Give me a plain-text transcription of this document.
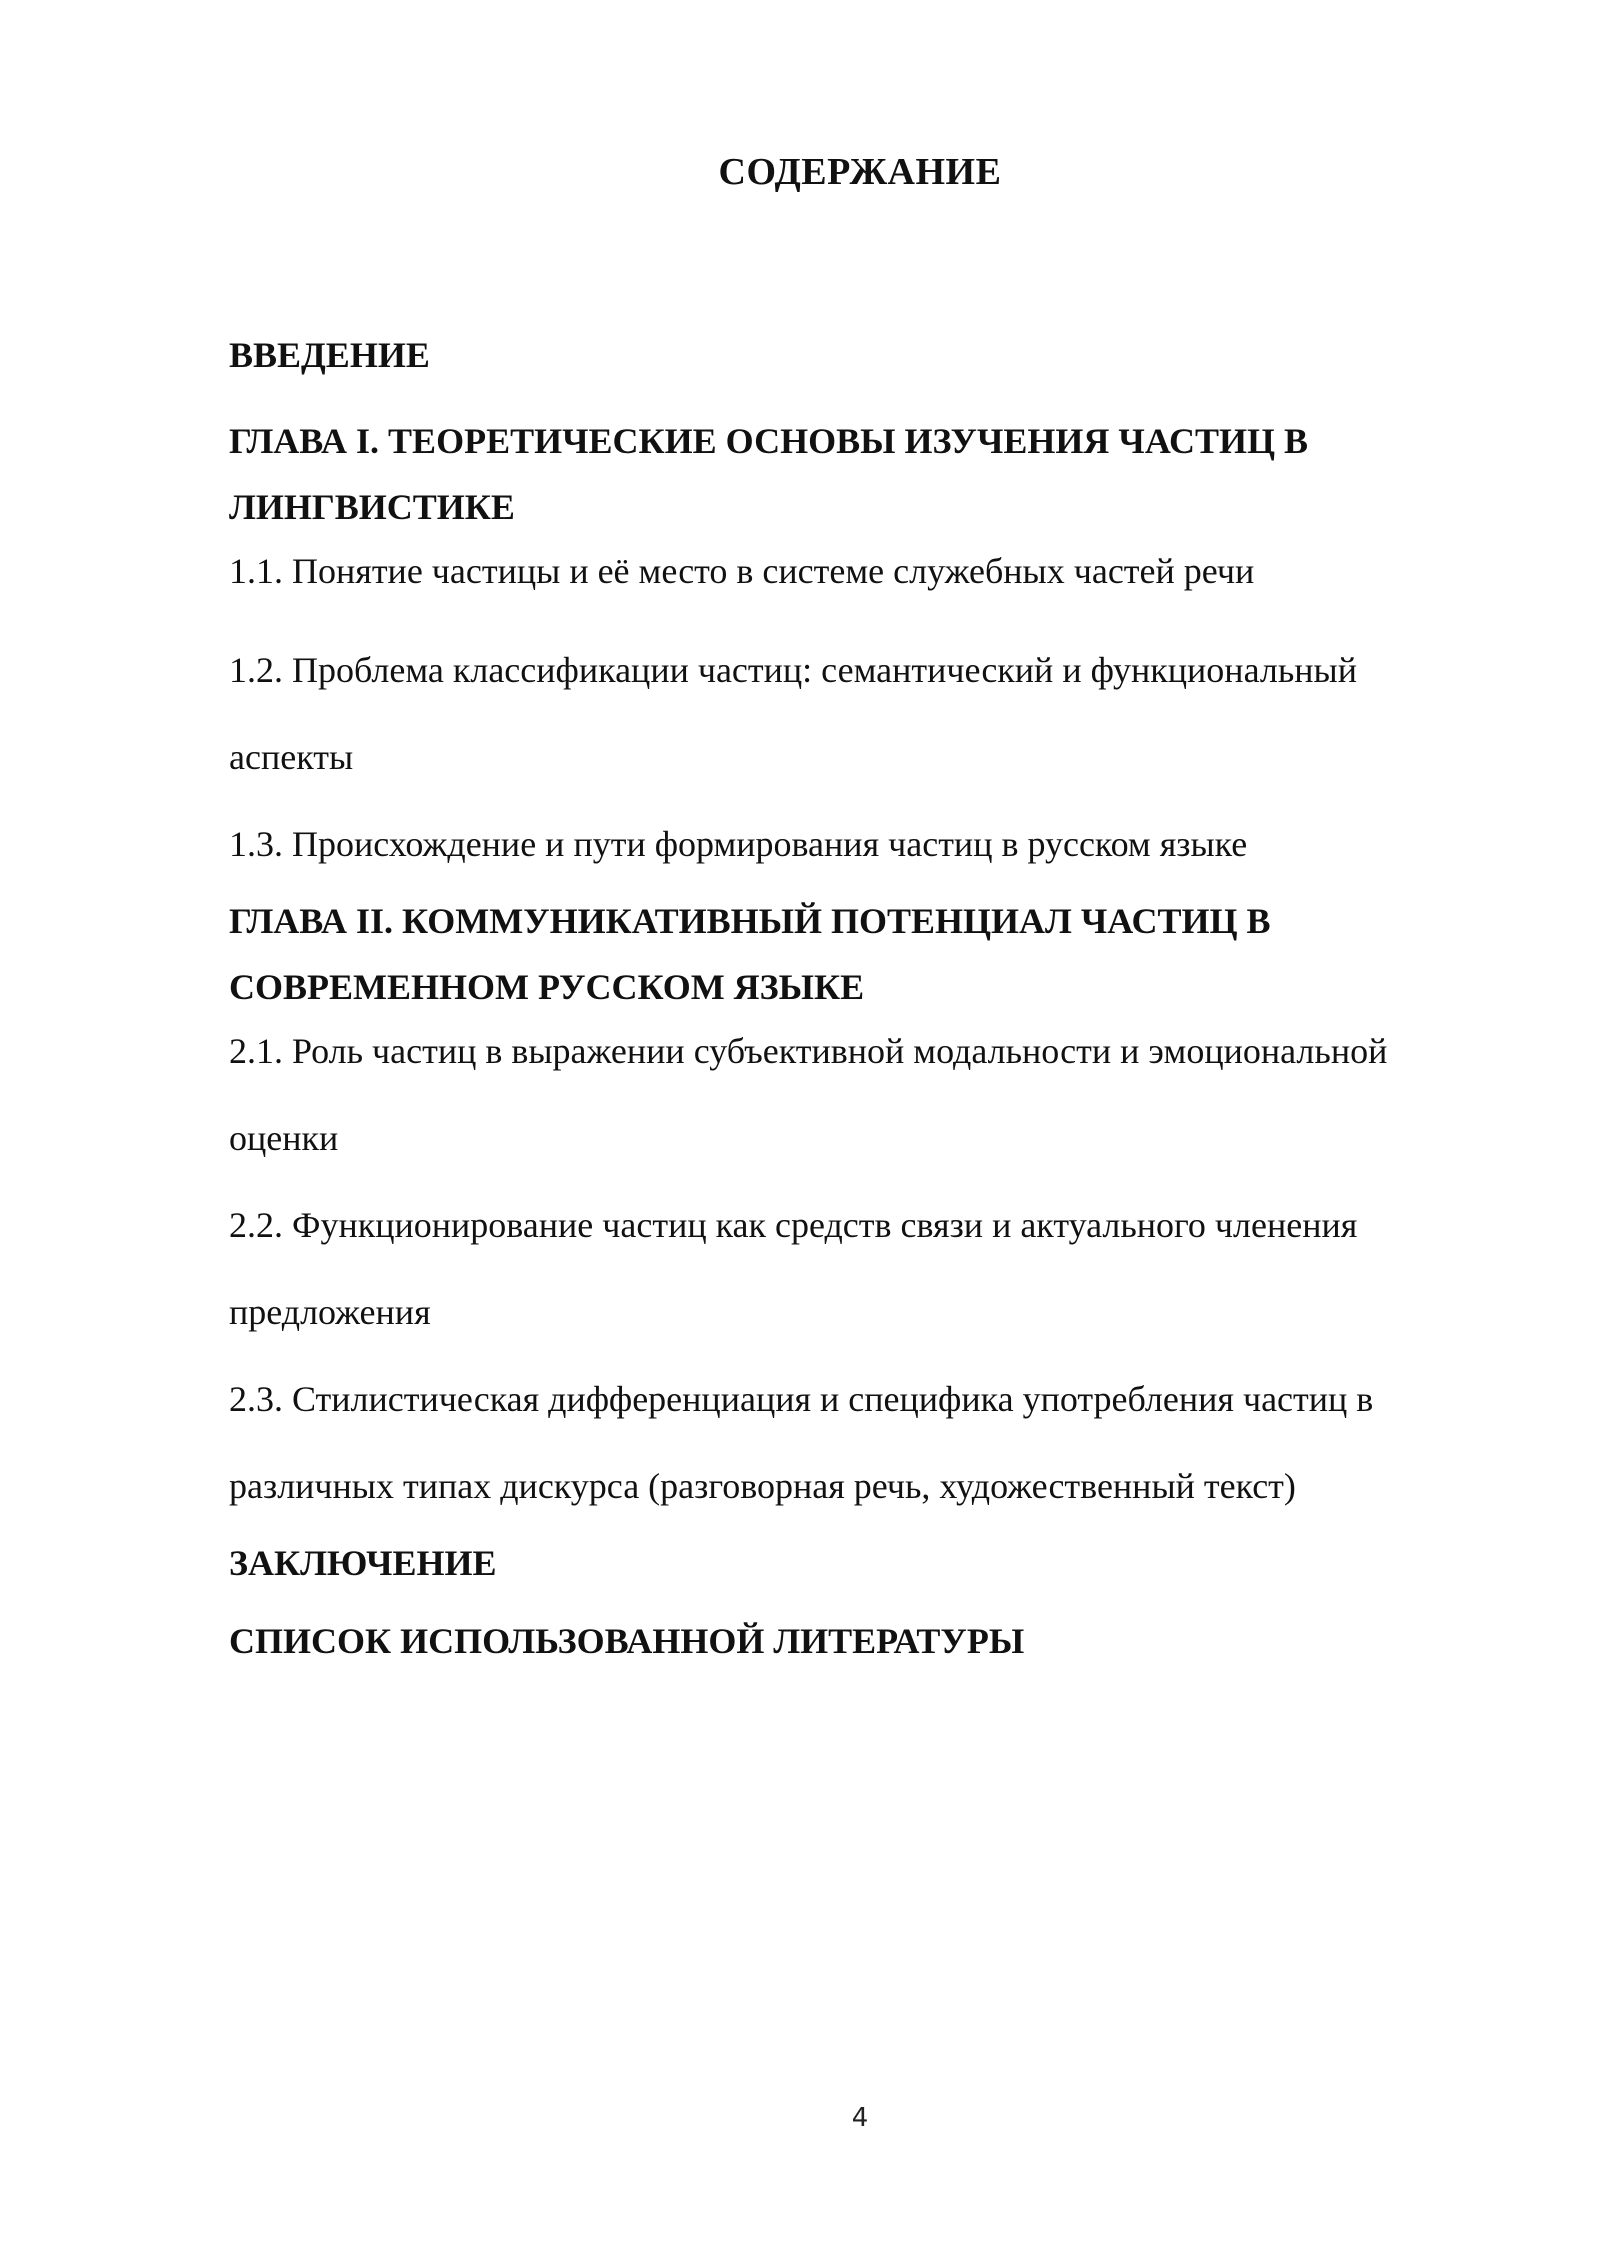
СОДЕРЖАНИЕ

ВВЕДЕНИЕ

ГЛАВА I. ТЕОРЕТИЧЕСКИЕ ОСНОВЫ ИЗУЧЕНИЯ ЧАСТИЦ В ЛИНГВИСТИКЕ

1.1. Понятие частицы и её место в системе служебных частей речи

1.2. Проблема классификации частиц: семантический и функциональный аспекты

1.3. Происхождение и пути формирования частиц в русском языке

ГЛАВА II. КОММУНИКАТИВНЫЙ ПОТЕНЦИАЛ ЧАСТИЦ В СОВРЕМЕННОМ РУССКОМ ЯЗЫКЕ

2.1. Роль частиц в выражении субъективной модальности и эмоциональной оценки

2.2. Функционирование частиц как средств связи и актуального членения предложения

2.3. Стилистическая дифференциация и специфика употребления частиц в различных типах дискурса (разговорная речь, художественный текст)

ЗАКЛЮЧЕНИЕ

СПИСОК ИСПОЛЬЗОВАННОЙ ЛИТЕРАТУРЫ

4
